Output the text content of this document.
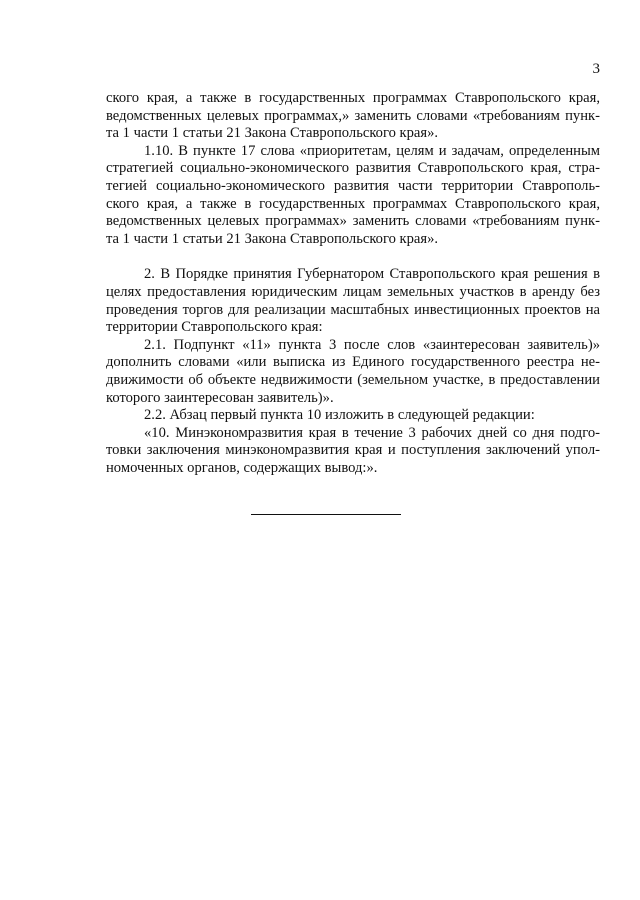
3
ского края, а также в государственных программах Ставропольского края,
ведомственных целевых программах,» заменить словами «требованиям пунк-
та 1 части 1 статьи 21 Закона Ставропольского края».
1.10. В пункте 17 слова «приоритетам, целям и задачам, определенным
стратегией социально-экономического развития Ставропольского края, стра-
тегией социально-экономического развития части территории Ставрополь-
ского края, а также в государственных программах Ставропольского края,
ведомственных целевых программах» заменить словами «требованиям пунк-
та 1 части 1 статьи 21 Закона Ставропольского края».
2. В Порядке принятия Губернатором Ставропольского края решения в
целях предоставления юридическим лицам земельных участков в аренду без
проведения торгов для реализации масштабных инвестиционных проектов на
территории Ставропольского края:
2.1. Подпункт «11» пункта 3 после слов «заинтересован заявитель)»
дополнить словами «или выписка из Единого государственного реестра не-
движимости об объекте недвижимости (земельном участке, в предоставлении
которого заинтересован заявитель)».
2.2. Абзац первый пункта 10 изложить в следующей редакции:
«10. Минэкономразвития края в течение 3 рабочих дней со дня подго-
товки заключения минэкономразвития края и поступления заключений упол-
номоченных органов, содержащих вывод:».
